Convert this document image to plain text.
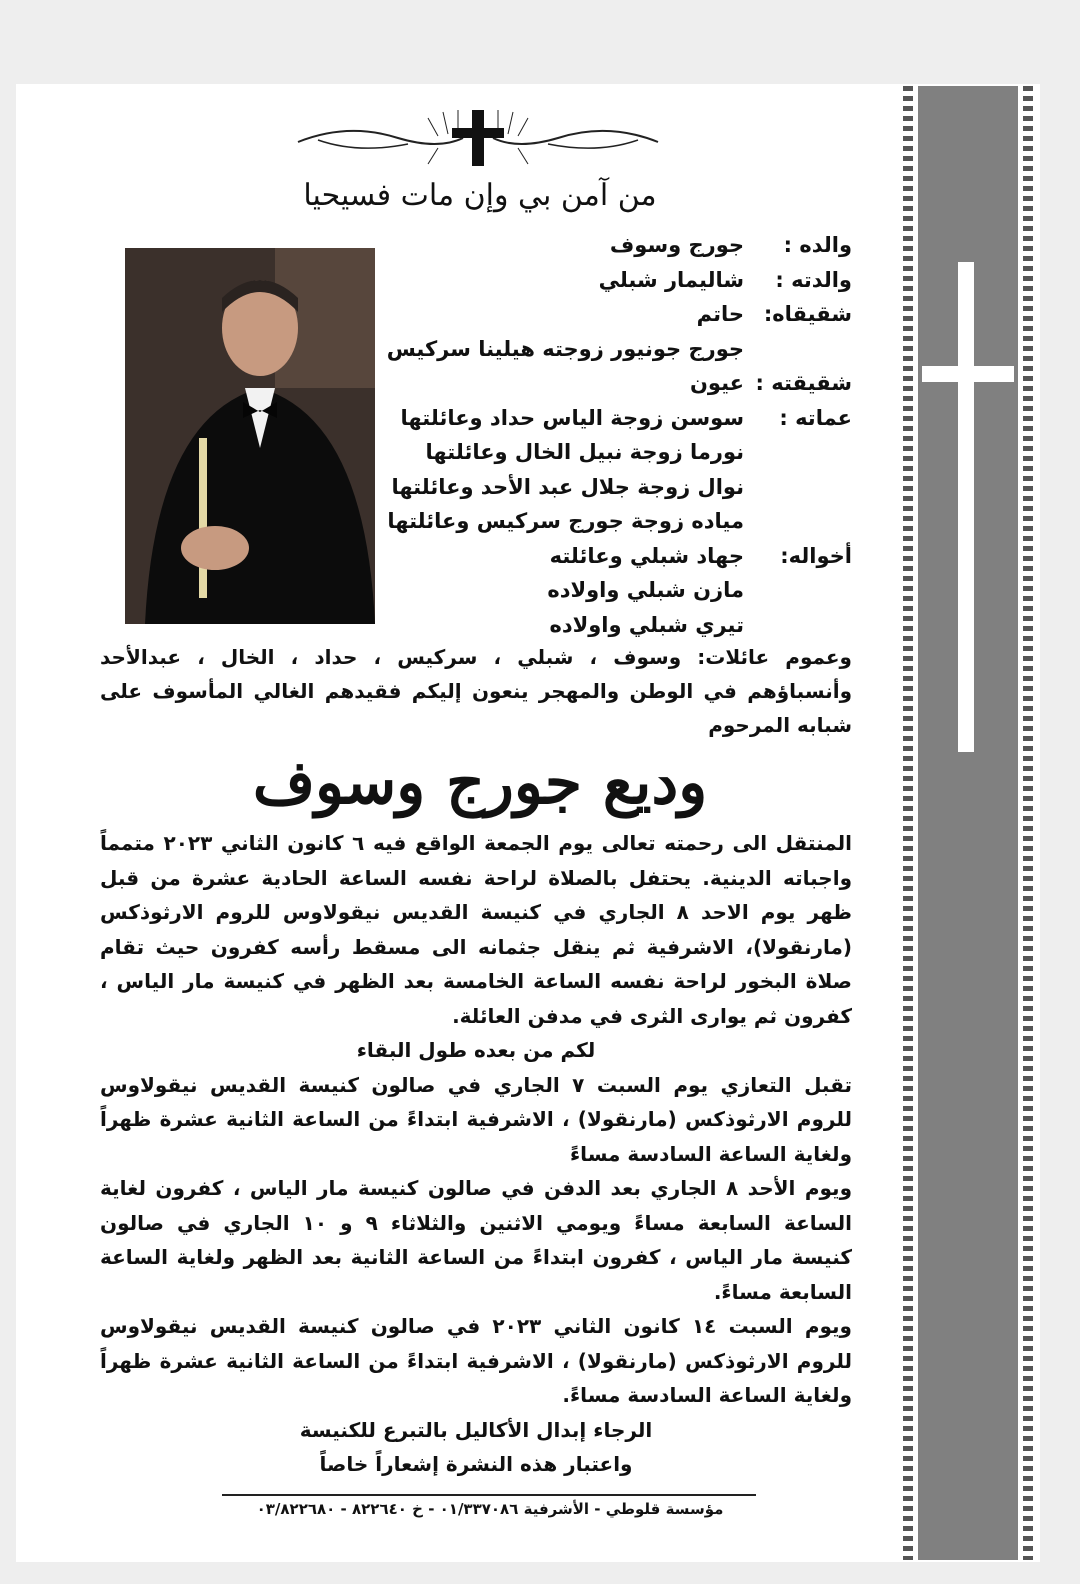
من آمن بي وإن مات فسيحيا
والده :
جورج وسوف
والدته :
شاليمار شبلي
شقيقاه:
حاتم
جورج جونيور زوجته هيلينا سركيس
شقيقته :
عيون
عماته :
سوسن زوجة الياس حداد وعائلتها
نورما زوجة نبيل الخال وعائلتها
نوال زوجة جلال عبد الأحد وعائلتها
مياده زوجة جورج سركيس وعائلتها
أخواله:
جهاد شبلي وعائلته
مازن شبلي واولاده
تيري شبلي واولاده
وعموم عائلات: وسوف ، شبلي ، سركيس ، حداد ، الخال ، عبدالأحد وأنسباؤهم في الوطن والمهجر ينعون إليكم فقيدهم الغالي المأسوف على شبابه المرحوم
وديع جورج وسوف

المنتقل الى رحمته تعالى يوم الجمعة الواقع فيه ٦ كانون الثاني ٢٠٢٣ متمماً واجباته الدينية. يحتفل بالصلاة لراحة نفسه الساعة الحادية عشرة من قبل ظهر يوم الاحد ٨ الجاري في كنيسة القديس نيقولاوس للروم الارثوذكس (مارنقولا)، الاشرفية ثم ينقل جثمانه الى مسقط رأسه كفرون حيث تقام صلاة البخور لراحة نفسه الساعة الخامسة بعد الظهر في كنيسة مار الياس ، كفرون ثم يوارى الثرى في مدفن العائلة.

لكم من بعده طول البقاء

تقبل التعازي يوم السبت ٧ الجاري في صالون كنيسة القديس نيقولاوس للروم الارثوذكس (مارنقولا) ، الاشرفية ابتداءً من الساعة الثانية عشرة ظهراً ولغاية الساعة السادسة مساءً

ويوم الأحد ٨ الجاري بعد الدفن في صالون كنيسة مار الياس ، كفرون لغاية الساعة السابعة مساءً ويومي الاثنين والثلاثاء ٩ و ١٠ الجاري في صالون كنيسة مار الياس ، كفرون ابتداءً من الساعة الثانية بعد الظهر ولغاية الساعة السابعة مساءً.

ويوم السبت ١٤ كانون الثاني ٢٠٢٣ في صالون كنيسة القديس نيقولاوس للروم الارثوذكس (مارنقولا) ، الاشرفية ابتداءً من الساعة الثانية عشرة ظهراً ولغاية الساعة السادسة مساءً.

الرجاء إبدال الأكاليل بالتبرع للكنيسة

واعتبار هذه النشرة إشعاراً خاصاً

مؤسسة قلوطي - الأشرفية ٠١/٣٣٧٠٨٦ - خ ٨٢٢٦٤٠ - ٠٣/٨٢٢٦٨٠
